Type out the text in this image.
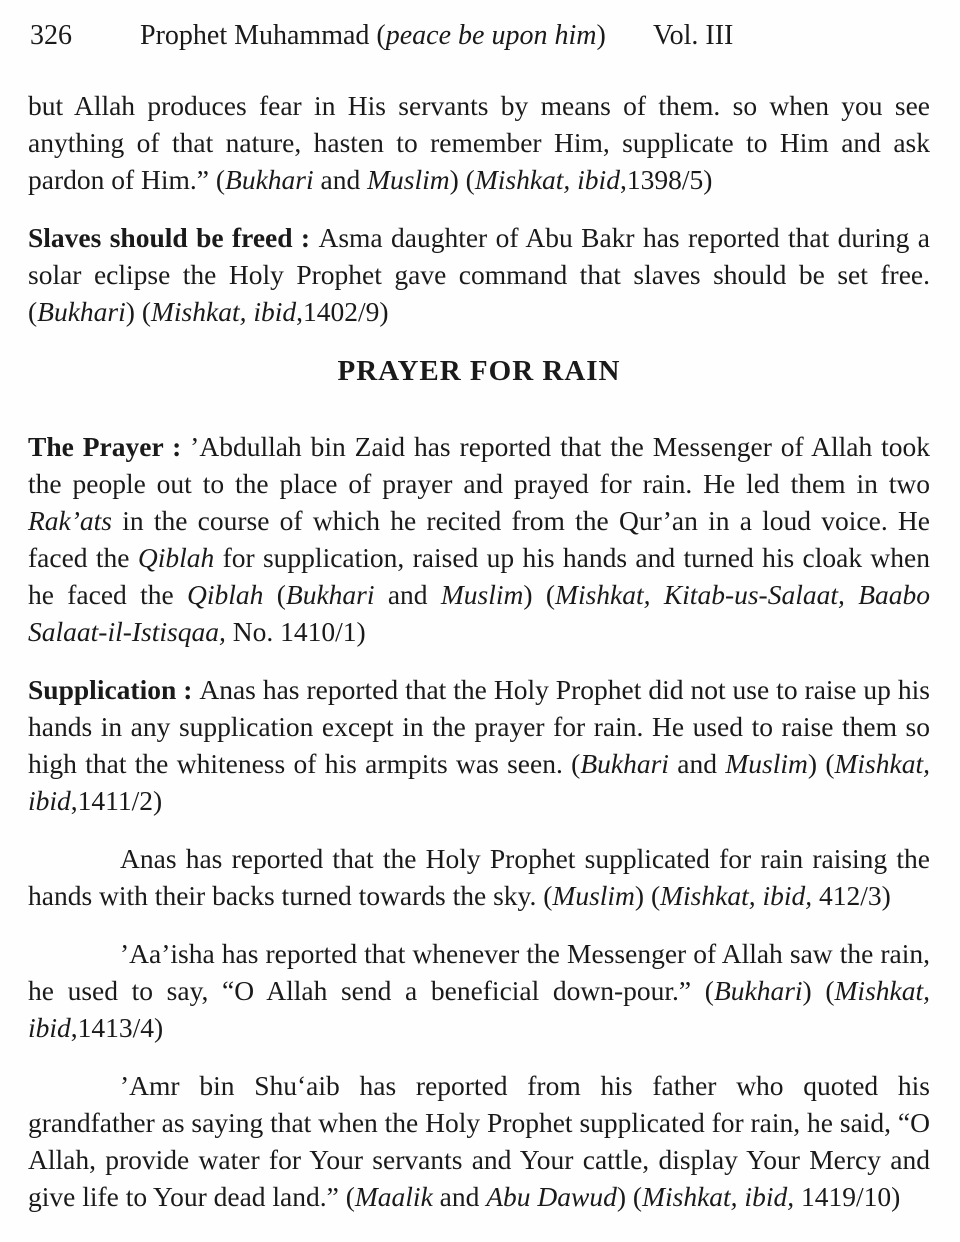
326 Prophet Muhammad (peace be upon him) Vol. III

but Allah produces fear in His servants by means of them. so when you see anything of that nature, hasten to remember Him, supplicate to Him and ask pardon of Him.” (Bukhari and Muslim) (Mishkat, ibid,1398/5)

Slaves should be freed : Asma daughter of Abu Bakr has reported that during a solar eclipse the Holy Prophet gave command that slaves should be set free. (Bukhari) (Mishkat, ibid,1402/9)

PRAYER FOR RAIN

The Prayer : ’Abdullah bin Zaid has reported that the Messenger of Allah took the people out to the place of prayer and prayed for rain. He led them in two Rak’ats in the course of which he recited from the Qur’an in a loud voice. He faced the Qiblah for supplication, raised up his hands and turned his cloak when he faced the Qiblah (Bukhari and Muslim) (Mishkat, Kitab-us-Salaat, Baabo Salaat-il-Istisqaa, No. 1410/1)

Supplication : Anas has reported that the Holy Prophet did not use to raise up his hands in any supplication except in the prayer for rain. He used to raise them so high that the whiteness of his armpits was seen. (Bukhari and Muslim) (Mishkat, ibid,1411/2)

Anas has reported that the Holy Prophet supplicated for rain raising the hands with their backs turned towards the sky. (Muslim) (Mishkat, ibid, 412/3)

’Aa’isha has reported that whenever the Messenger of Allah saw the rain, he used to say, “O Allah send a beneficial down-pour.” (Bukhari) (Mishkat, ibid,1413/4)

’Amr bin Shu‘aib has reported from his father who quoted his grandfather as saying that when the Holy Prophet supplicated for rain, he said, “O Allah, provide water for Your servants and Your cattle, display Your Mercy and give life to Your dead land.” (Maalik and Abu Dawud) (Mishkat, ibid, 1419/10)
